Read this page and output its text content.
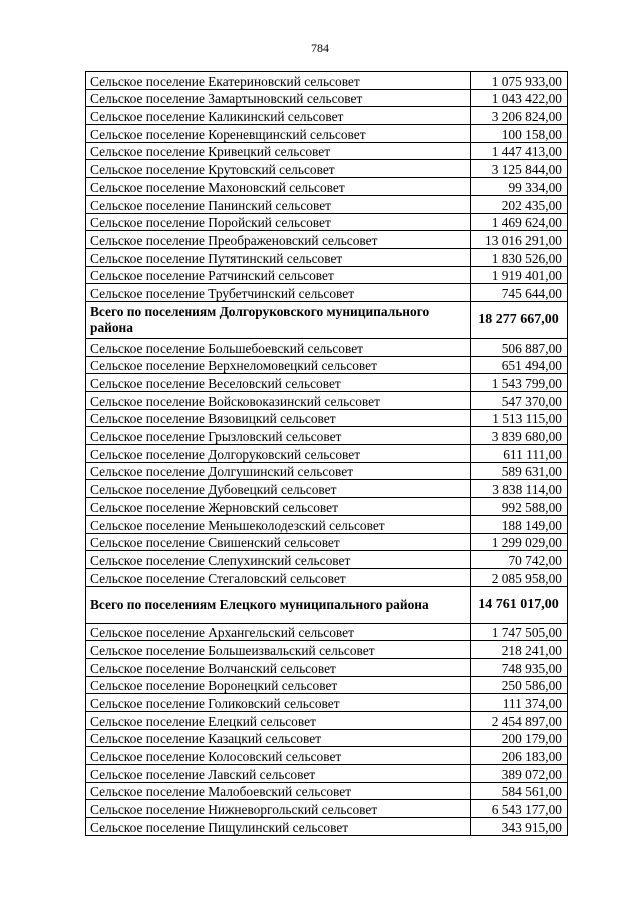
784
Сельское поселение Екатериновский сельсовет	1 075 933,00
Сельское поселение Замартыновский сельсовет	1 043 422,00
Сельское поселение Каликинский сельсовет	3 206 824,00
Сельское поселение Кореневщинский сельсовет	100 158,00
Сельское поселение Кривецкий сельсовет	1 447 413,00
Сельское поселение Крутовский сельсовет	3 125 844,00
Сельское поселение Махоновский сельсовет	99 334,00
Сельское поселение Панинский сельсовет	202 435,00
Сельское поселение Поройский сельсовет	1 469 624,00
Сельское поселение Преображеновский сельсовет	13 016 291,00
Сельское поселение Путятинский сельсовет	1 830 526,00
Сельское поселение Ратчинский сельсовет	1 919 401,00
Сельское поселение Трубетчинский сельсовет	745 644,00
Всего по поселениям Долгоруковского муниципального района	18 277 667,00
Сельское поселение Большебоевский сельсовет	506 887,00
Сельское поселение Верхнеломовецкий сельсовет	651 494,00
Сельское поселение Веселовский сельсовет	1 543 799,00
Сельское поселение Войсковоказинский сельсовет	547 370,00
Сельское поселение Вязовицкий сельсовет	1 513 115,00
Сельское поселение Грызловский сельсовет	3 839 680,00
Сельское поселение Долгоруковский сельсовет	611 111,00
Сельское поселение Долгушинский сельсовет	589 631,00
Сельское поселение Дубовецкий сельсовет	3 838 114,00
Сельское поселение Жерновский сельсовет	992 588,00
Сельское поселение Меньшеколодезский сельсовет	188 149,00
Сельское поселение Свишенский сельсовет	1 299 029,00
Сельское поселение Слепухинский сельсовет	70 742,00
Сельское поселение Стегаловский сельсовет	2 085 958,00
Всего по поселениям Елецкого муниципального района	14 761 017,00
Сельское поселение Архангельский сельсовет	1 747 505,00
Сельское поселение Большеизвальский сельсовет	218 241,00
Сельское поселение Волчанский сельсовет	748 935,00
Сельское поселение Воронецкий сельсовет	250 586,00
Сельское поселение Голиковский сельсовет	111 374,00
Сельское поселение Елецкий сельсовет	2 454 897,00
Сельское поселение Казацкий сельсовет	200 179,00
Сельское поселение Колосовский сельсовет	206 183,00
Сельское поселение Лавский сельсовет	389 072,00
Сельское поселение Малобоевский сельсовет	584 561,00
Сельское поселение Нижневоргольский сельсовет	6 543 177,00
Сельское поселение Пищулинский сельсовет	343 915,00
